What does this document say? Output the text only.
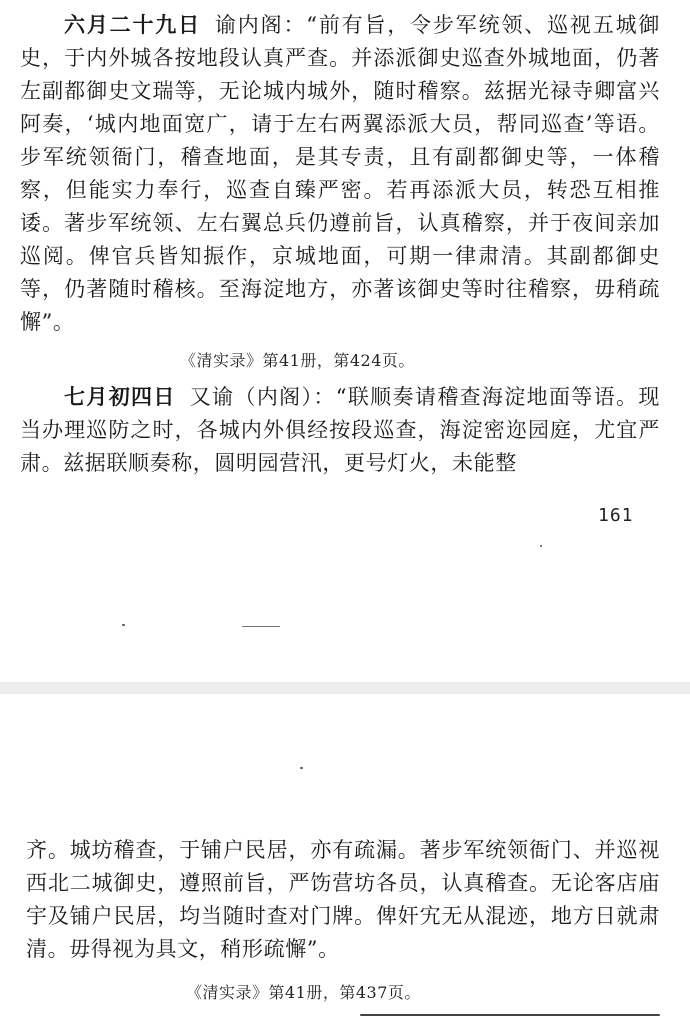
六月二十九日 谕内阁：“前有旨，令步军统领、巡视五城御史，于内外城各按地段认真严查。并添派御史巡查外城地面，仍著左副都御史文瑞等，无论城内城外，随时稽察。兹据光禄寺卿富兴阿奏，‘城内地面宽广，请于左右两翼添派大员，帮同巡查’等语。步军统领衙门，稽查地面，是其专责，且有副都御史等，一体稽察，但能实力奉行，巡查自臻严密。若再添派大员，转恐互相推诿。著步军统领、左右翼总兵仍遵前旨，认真稽察，并于夜间亲加巡阅。俾官兵皆知振作，京城地面，可期一律肃清。其副都御史等，仍著随时稽核。至海淀地方，亦著该御史等时往稽察，毋稍疏懈”。
《清实录》第41册，第424页。
七月初四日 又谕（内阁）：“联顺奏请稽查海淀地面等语。现当办理巡防之时，各城内外俱经按段巡查，海淀密迩园庭，尤宜严肃。兹据联顺奏称，圆明园营汛，更号灯火，未能整
161
齐。城坊稽查，于铺户民居，亦有疏漏。著步军统领衙门、并巡视西北二城御史，遵照前旨，严饬营坊各员，认真稽查。无论客店庙宇及铺户民居，均当随时查对门牌。俾奸宄无从混迹，地方日就肃清。毋得视为具文，稍形疏懈”。
《清实录》第41册，第437页。
